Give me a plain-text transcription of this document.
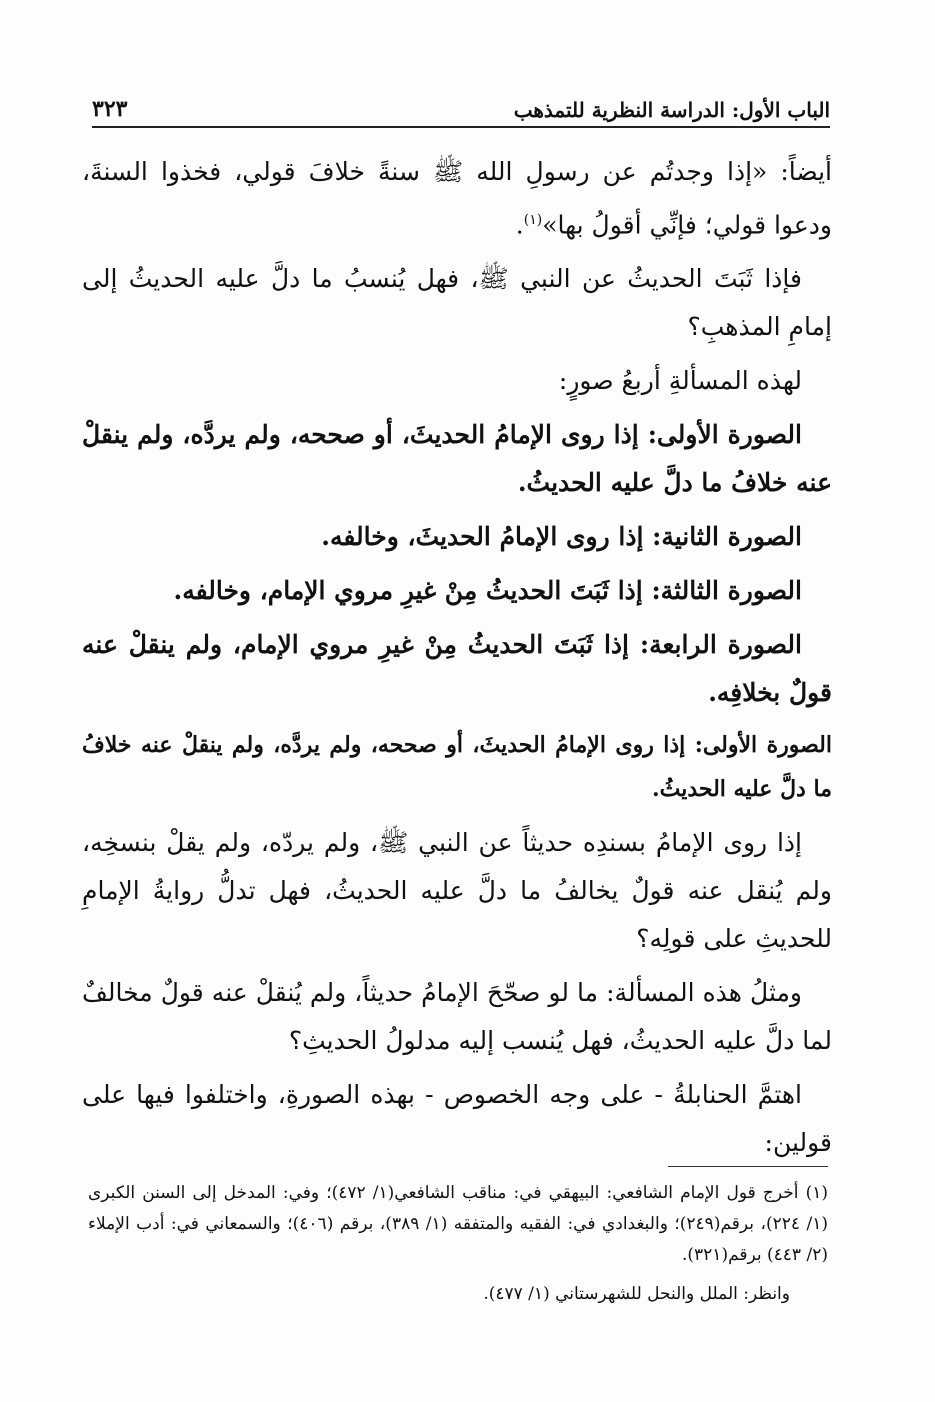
الباب الأول: الدراسة النظرية للتمذهب
٣٢٣

أيضاً: «إذا وجدتُم عن رسولِ الله ﷺ سنةً خلافَ قولي، فخذوا السنةَ، ودعوا قولي؛ فإنِّي أقولُ بها»$^{(١)}$.

فإذا ثَبَتَ الحديثُ عن النبي ﷺ، فهل يُنسبُ ما دلَّ عليه الحديثُ إلى إمامِ المذهبِ؟

لهذه المسألةِ أربعُ صورٍ:

الصورة الأولى: إذا روى الإمامُ الحديثَ، أو صححه، ولم يردَّه، ولم ينقلْ عنه خلافُ ما دلَّ عليه الحديثُ.

الصورة الثانية: إذا روى الإمامُ الحديثَ، وخالفه.

الصورة الثالثة: إذا ثَبَتَ الحديثُ مِنْ غيرِ مروي الإمام، وخالفه.

الصورة الرابعة: إذا ثَبَتَ الحديثُ مِنْ غيرِ مروي الإمام، ولم ينقلْ عنه قولٌ بخلافِه.

الصورة الأولى: إذا روى الإمامُ الحديثَ، أو صححه، ولم يردَّه، ولم ينقلْ عنه خلافُ ما دلَّ عليه الحديثُ.

إذا روى الإمامُ بسندِه حديثاً عن النبي ﷺ، ولم يردّه، ولم يقلْ بنسخِه، ولم يُنقل عنه قولٌ يخالفُ ما دلَّ عليه الحديثُ، فهل تدلُّ روايةُ الإمامِ للحديثِ على قولِه؟

ومثلُ هذه المسألة: ما لو صحّحَ الإمامُ حديثاً، ولم يُنقلْ عنه قولٌ مخالفٌ لما دلَّ عليه الحديثُ، فهل يُنسب إليه مدلولُ الحديثِ؟

اهتمَّ الحنابلةُ - على وجه الخصوص - بهذه الصورةِ، واختلفوا فيها على قولين:

(١) أخرج قول الإمام الشافعي: البيهقي في: مناقب الشافعي(١/ ٤٧٢)؛ وفي: المدخل إلى السنن الكبرى (١/ ٢٢٤)، برقم(٢٤٩)؛ والبغدادي في: الفقيه والمتفقه (١/ ٣٨٩)، برقم (٤٠٦)؛ والسمعاني في: أدب الإملاء (٢/ ٤٤٣) برقم(٣٢١).

وانظر: الملل والنحل للشهرستاني (١/ ٤٧٧).
